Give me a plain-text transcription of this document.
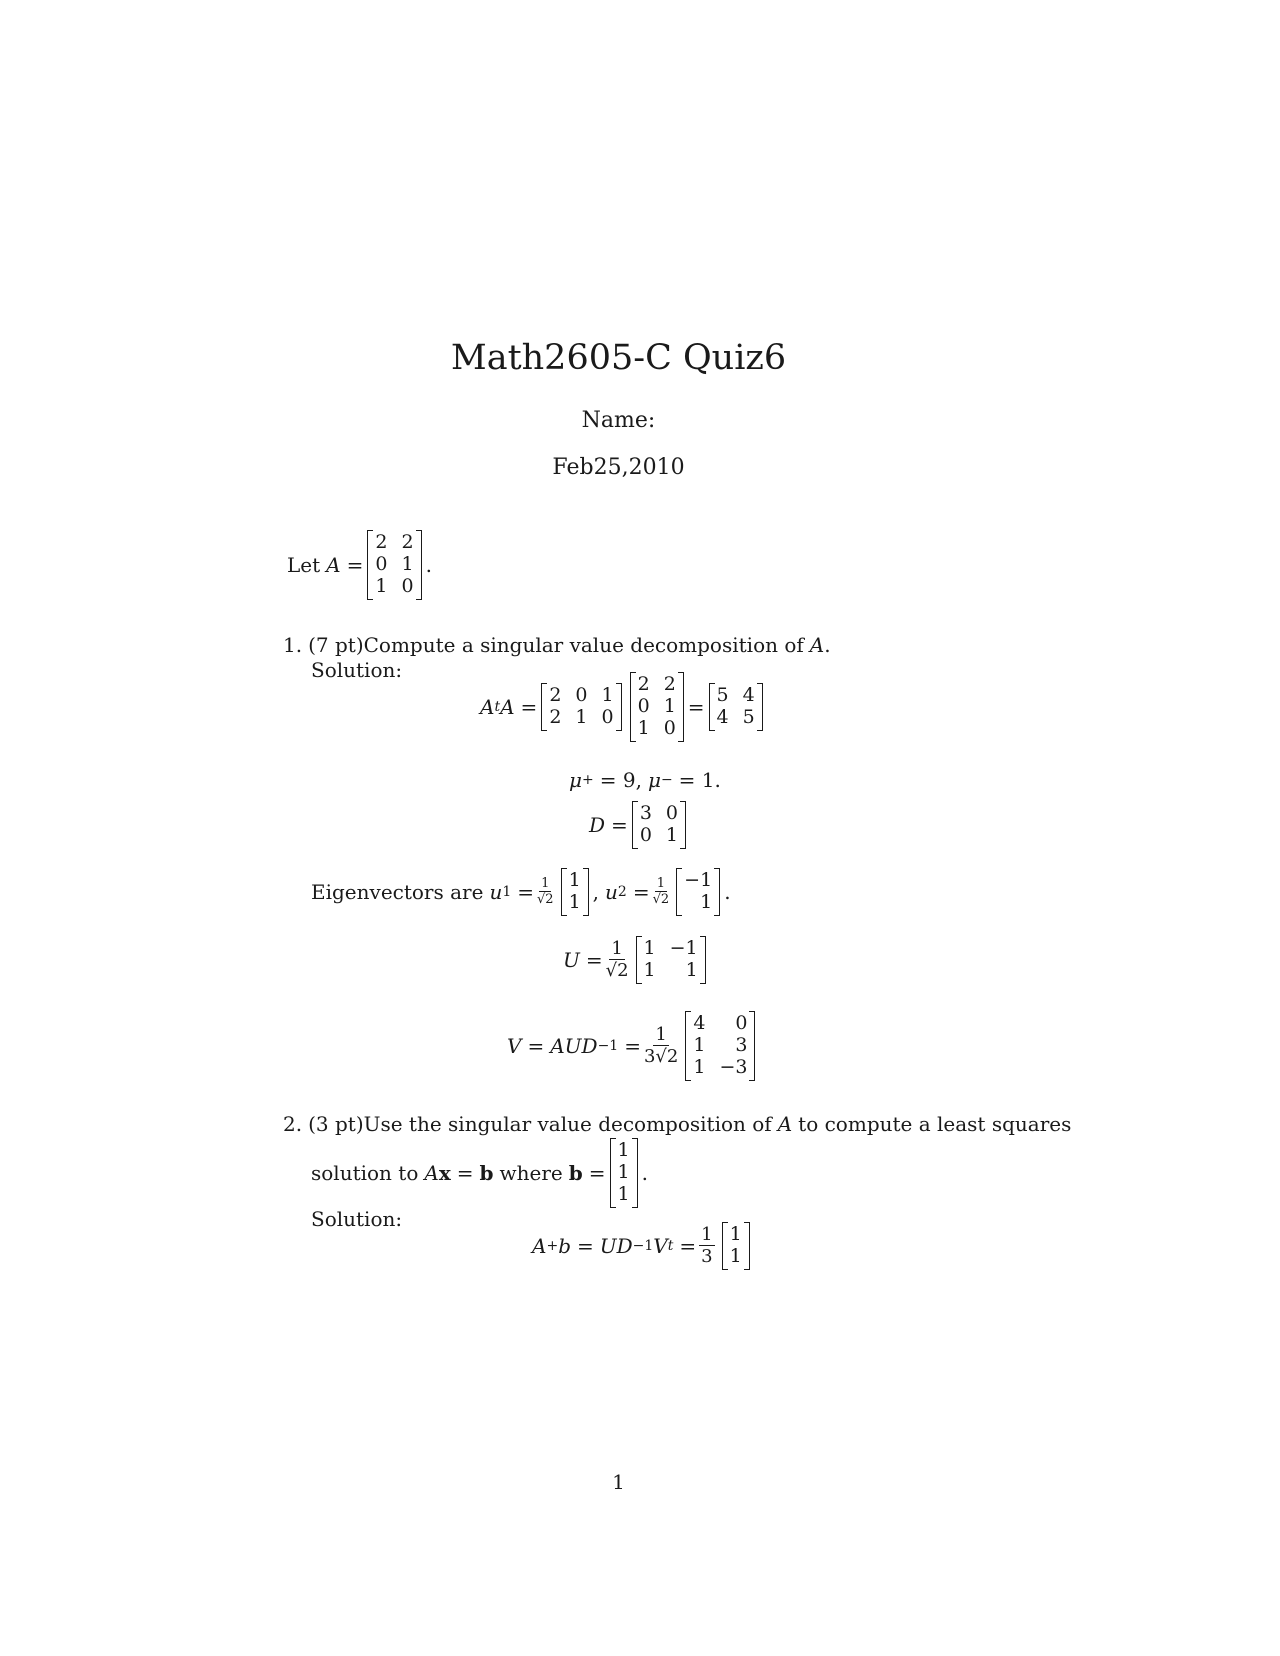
Math2605-C Quiz6
Name:
Feb25,2010
Let A =
2 2
0 1
1 0
.
1. (7 pt)Compute a singular value decomposition of A .
Solution:
A t A = 2 0 1
2 1 0
2 2
0 1
1 0
= 5 4
4 5
μ + = 9, μ − = 1.
D = 3 0
0 1
Eigenvectors are u $1 = \frac{1}{√2} 1$
1 , u $2 = \frac{1}{√2} -1$
1 .
$U = \frac{1}{√2} 1 -1$
1	1
V = AUD $-1 = \frac{1}{3√2}$
4	0
1	3
1 −3
2. (3 pt)Use the singular value decomposition of A to compute a least squares
solution to A x = b where b =
1
1
1
.
Solution:
A + b = UD −1 V $t = \frac{1}{3} 1$
1
1
